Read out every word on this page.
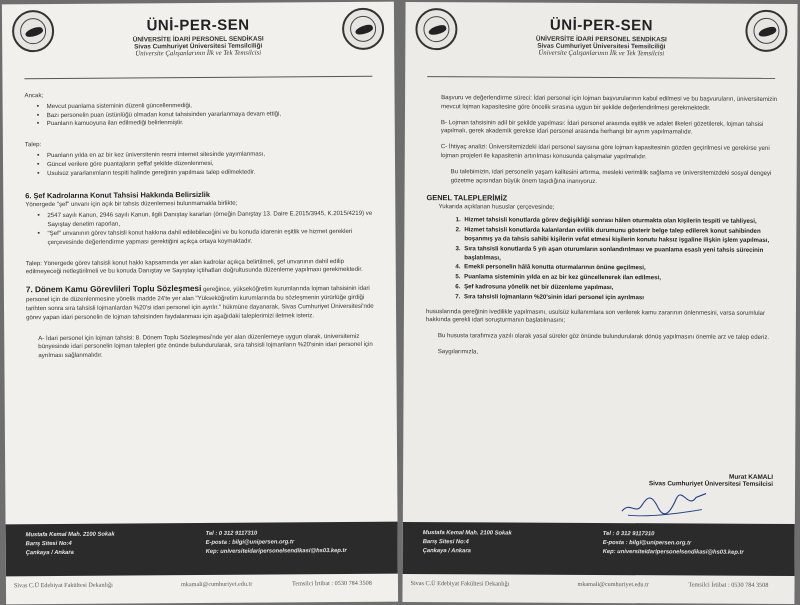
ÜNİ-PER-SEN
ÜNİVERSİTE İDARİ PERSONEL SENDİKASI
Sivas Cumhuriyet Üniversitesi Temsilciliği
Üniversite Çalışanlarının İlk ve Tek Temsilcisi

Ancak;

• Mevcut puanlama sisteminin düzenli güncellenmediği,
• Bazı personelin puan üstünlüğü olmadan konut tahsisinden yararlanmaya devam ettiği,
• Puanların kamuoyuna ilan edilmediği belirlenmiştir.

Talep:

• Puanların yılda en az bir kez üniversitenin resmi internet sitesinde yayımlanması,
• Güncel verilere göre puantajların şeffaf şekilde düzenlenmesi,
• Usulsüz yararlanımların tespiti halinde gereğinin yapılması talep edilmektedir.

6. Şef Kadrolarına Konut Tahsisi Hakkında Belirsizlik

Yönergede "şef" unvanı için açık bir tahsis düzenlemesi bulunmamakla birlikte;

• 2547 sayılı Kanun, 2946 sayılı Kanun, ilgili Danıştay kararları (örneğin Danıştay 13. Daire E.2015/3945, K.2015/4219) ve Sayıştay denetim raporları,
• "Şef" unvanının görev tahsisli konut hakkına dahil edilebileceğini ve bu konuda idarenin eşitlik ve hizmet gerekleri çerçevesinde değerlendirme yapması gerektiğini açıkça ortaya koymaktadır.

Talep: Yönergede görev tahsisli konut hakkı kapsamında yer alan kadrolar açıkça belirtilmeli, şef unvanının dahil edilip edilmeyeceği netleştirilmeli ve bu konuda Danıştay ve Sayıştay içtihatları doğrultusunda düzenleme yapılması gerekmektedir.

7. Dönem Kamu Görevlileri Toplu Sözleşmesi gereğince, yükseköğretim kurumlarında lojman tahsisinin idari personel için de düzenlenmesine yönelik madde 24'te yer alan "Yükseköğretim kurumlarında bu sözleşmenin yürürlüğe girdiği tarihten sonra sıra tahsisli lojmanlardan %20'si idari personel için ayrılır." hükmüne dayanarak, Sivas Cumhuriyet Üniversitesi'nde görev yapan idari personelin de lojman tahsisinden faydalanması için aşağıdaki taleplerimizi iletmek isteriz.

A- İdari personel için lojman tahsisi: 8. Dönem Toplu Sözleşmesi'nde yer alan düzenlemeye uygun olarak, üniversitemiz bünyesinde idari personelin lojman talepleri göz önünde bulundurularak, sıra tahsisli lojmanların %20'sinin idari personel için ayrılması sağlanmalıdır.

Mustafa Kemal Mah. 2100 Sokak
Barış Sitesi No:4
Çankaya / Ankara
Tel : 0 312 9117310
E-posta : bilgi@unipersen.org.tr
Kep: universiteidaripersonelsendikasi@hs03.kep.tr
Sivas C.Ü Edebiyat Fakültesi Dekanlığı	mkamali@cumhuriyet.edu.tr	Temsilci İrtibat : 0530 784 3508
ÜNİ-PER-SEN
ÜNİVERSİTE İDARİ PERSONEL SENDİKASI
Sivas Cumhuriyet Üniversitesi Temsilciliği
Üniversite Çalışanlarının İlk ve Tek Temsilcisi

Başvuru ve değerlendirme süreci: İdari personel için lojman başvurularının kabul edilmesi ve bu başvuruların, üniversitemizin mevcut lojman kapasitesine göre öncelik sırasına uygun bir şekilde değerlendirilmesi gerekmektedir.

B- Lojman tahsisinin adil bir şekilde yapılması: İdari personel arasında eşitlik ve adalet ilkeleri gözetilerek, lojman tahsisi yapılmalı, gerek akademik gerekse idari personel arasında herhangi bir ayrım yapılmamalıdır.

C- İhtiyaç analizi: Üniversitemizdeki idari personel sayısına göre lojman kapasitesinin gözden geçirilmesi ve gerekirse yeni lojman projeleri ile kapasitenin artırılması konusunda çalışmalar yapılmalıdır.

Bu talebimizin, idari personelin yaşam kalitesini artırma, mesleki verimlilik sağlama ve üniversitemizdeki sosyal dengeyi gözetme açısından büyük önem taşıdığına inanıyoruz.

GENEL TALEPLERİMİZ

Yukarıda açıklanan hususlar çerçevesinde;

1. Hizmet tahsisli konutlarda görev değişikliği sonrası hâlen oturmakta olan kişilerin tespiti ve tahliyesi,
2. Hizmet tahsisli konutlarda kalanlardan evlilik durumunu gösterir belge talep edilerek konut sahibinden boşanmış ya da tahsis sahibi kişilerin vefat etmesi kişilerin konutu haksız işgaline ilişkin işlem yapılması,
3. Sıra tahsisli konutlarda 5 yılı aşan oturumların sonlandırılması ve puanlama esaslı yeni tahsis sürecinin başlatılması,
4. Emekli personelin hâlâ konutta oturmalarının önüne geçilmesi,
5. Puanlama sisteminin yılda en az bir kez güncellenerek ilan edilmesi,
6. Şef kadrosuna yönelik net bir düzenleme yapılması,
7. Sıra tahsisli lojmanların %20'sinin idari personel için ayrılması

hususlarında gereğinin ivedilikle yapılmasını, usulsüz kullanımlara son verilerek kamu zararının önlenmesini, varsa sorumlular hakkında gerekli idari soruşturmanın başlatılmasını;

Bu hususta tarafımıza yazılı olarak yasal süreler göz önünde bulundurularak dönüş yapılmasını önemle arz ve talep ederiz.

Saygılarımızla,

Murat KAMALI
Sivas Cumhuriyet Üniversitesi Temsilcisi
Mustafa Kemal Mah. 2100 Sokak
Barış Sitesi No:4
Çankaya / Ankara
Tel : 0 312 9117310
E-posta : bilgi@unipersen.org.tr
Kep: universiteidaripersonelsendikasi@hs03.kep.tr
Sivas C.Ü Edebiyat Fakültesi Dekanlığı	mkamali@cumhuriyet.edu.tr	Temsilci İrtibat : 0530 784 3508
